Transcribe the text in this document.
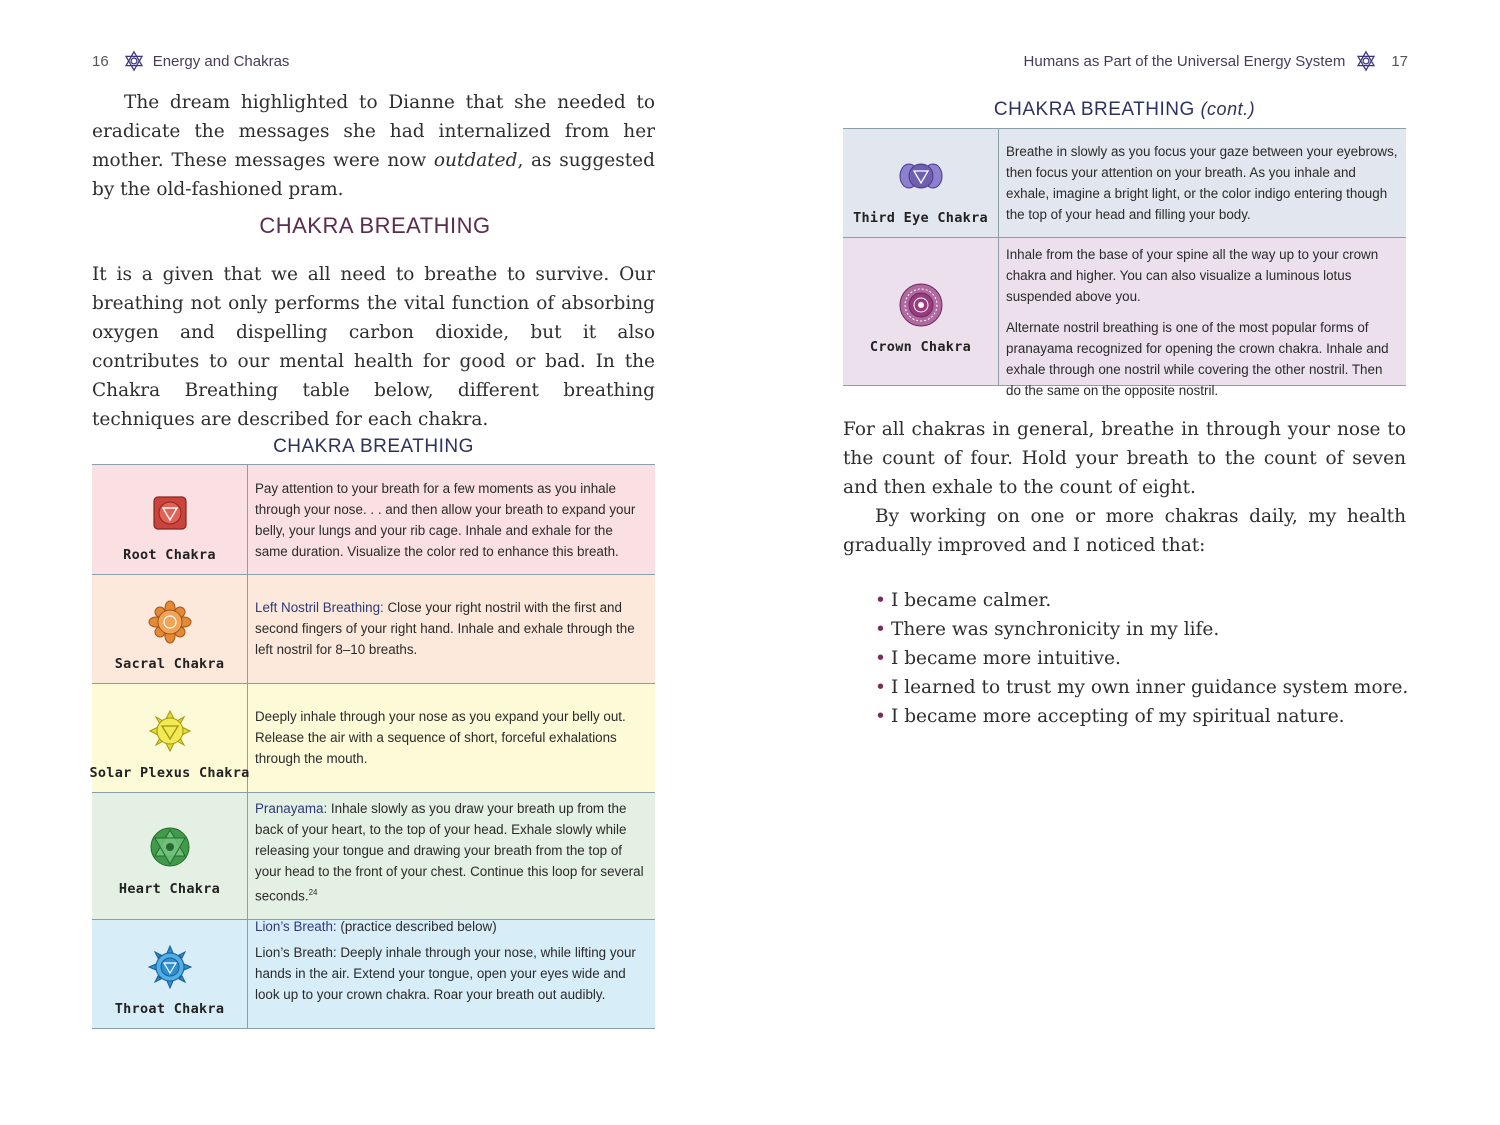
16	Energy and Chakras

The dream highlighted to Dianne that she needed to eradicate the messages she had internalized from her mother. These messages were now outdated, as suggested by the old-fashioned pram.

CHAKRA BREATHING

It is a given that we all need to breathe to survive. Our breathing not only performs the vital function of absorbing oxygen and dispelling carbon dioxide, but it also contributes to our mental health for good or bad. In the Chakra Breathing table below, different breathing techniques are described for each chakra.

CHAKRA BREATHING
Root Chakra

Pay attention to your breath for a few moments as you inhale through your nose. . . and then allow your breath to expand your belly, your lungs and your rib cage. Inhale and exhale for the same duration. Visualize the color red to enhance this breath.

Sacral Chakra

Left Nostril Breathing: Close your right nostril with the first and second fingers of your right hand. Inhale and exhale through the left nostril for 8–10 breaths.

Solar Plexus Chakra

Deeply inhale through your nose as you expand your belly out. Release the air with a sequence of short, forceful exhalations through the mouth.

Heart Chakra

Pranayama: Inhale slowly as you draw your breath up from the back of your heart, to the top of your head. Exhale slowly while releasing your tongue and drawing your breath from the top of your head to the front of your chest. Continue this loop for several seconds.$^{24}$

Lion’s Breath: (practice described below)

Throat Chakra

Lion’s Breath: Deeply inhale through your nose, while lifting your hands in the air. Extend your tongue, open your eyes wide and look up to your crown chakra. Roar your breath out audibly.

Humans as Part of the Universal Energy System	17
CHAKRA BREATHING (cont.)
Third Eye Chakra

Breathe in slowly as you focus your gaze between your eyebrows, then focus your attention on your breath. As you inhale and exhale, imagine a bright light, or the color indigo entering though the top of your head and filling your body.

Crown Chakra

Inhale from the base of your spine all the way up to your crown chakra and higher. You can also visualize a luminous lotus suspended above you.

Alternate nostril breathing is one of the most popular forms of pranayama recognized for opening the crown chakra. Inhale and exhale through one nostril while covering the other nostril. Then do the same on the opposite nostril.

For all chakras in general, breathe in through your nose to the count of four. Hold your breath to the count of seven and then exhale to the count of eight.

By working on one or more chakras daily, my health gradually improved and I noticed that:

• I became calmer.
• There was synchronicity in my life.
• I became more intuitive.
• I learned to trust my own inner guidance system more.
• I became more accepting of my spiritual nature.
